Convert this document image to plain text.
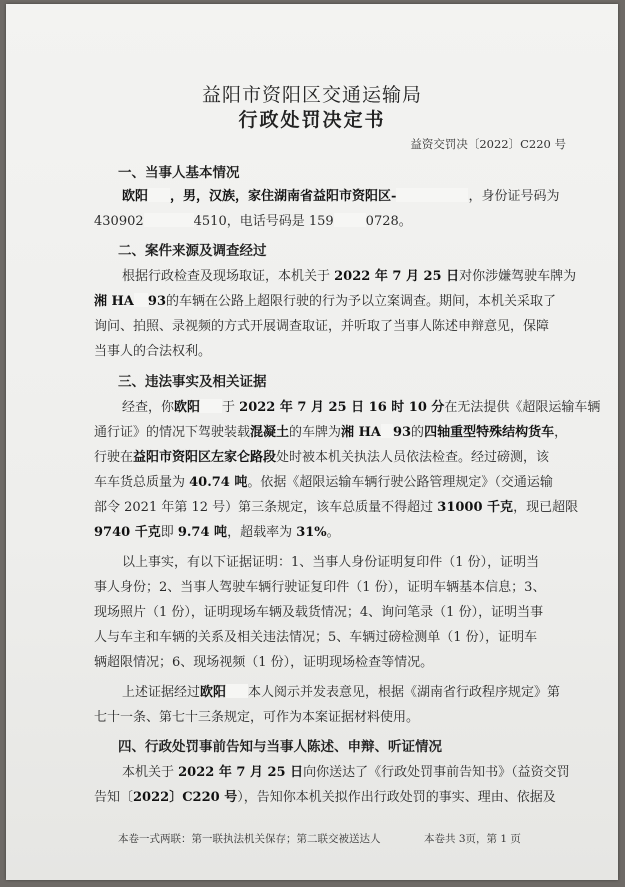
益阳市资阳区交通运输局
行政处罚决定书
益资交罚决〔2022〕C220 号
一、当事人基本情况
欧阳 ，男，汉族，家住湖南省益阳市资阳区-	，身份证号码为
430902	4510，电话号码是 159 0728。
二、案件来源及调查经过
根据行政检查及现场取证，本机关于 2022 年 7 月 25 日对你涉嫌驾驶车牌为
湘 HA 93的车辆在公路上超限行驶的行为予以立案调查。期间，本机关采取了
询问、拍照、录视频的方式开展调查取证，并听取了当事人陈述申辩意见，保障
当事人的合法权利。
三、违法事实及相关证据
经查，你欧阳 于 2022 年 7 月 25 日 16 时 10 分在无法提供《超限运输车辆
通行证》的情况下驾驶装载混凝土的车牌为湘 HA 93的四轴重型特殊结构货车，
行驶在益阳市资阳区左家仑路段处时被本机关执法人员依法检查。经过磅测，该
车车货总质量为 40.74 吨。依据《超限运输车辆行驶公路管理规定》（交通运输
部令 2021 年第 12 号）第三条规定，该车总质量不得超过 31000 千克，现已超限
9740 千克即 9.74 吨，超载率为 31%。
以上事实，有以下证据证明：1、当事人身份证明复印件（1 份），证明当
事人身份；2、当事人驾驶车辆行驶证复印件（1 份），证明车辆基本信息；3、
现场照片（1 份），证明现场车辆及载货情况；4、询问笔录（1 份），证明当事
人与车主和车辆的关系及相关违法情况；5、车辆过磅检测单（1 份），证明车
辆超限情况；6、现场视频（1 份），证明现场检查等情况。
上述证据经过欧阳 本人阅示并发表意见，根据《湖南省行政程序规定》第
七十一条、第七十三条规定，可作为本案证据材料使用。
四、行政处罚事前告知与当事人陈述、申辩、听证情况
本机关于 2022 年 7 月 25 日向你送达了《行政处罚事前告知书》（益资交罚
告知〔2022〕C220 号），告知你本机关拟作出行政处罚的事实、理由、依据及
本卷一式两联：第一联执法机关保存；第二联交被送达人	本卷共 3页，第 1 页
